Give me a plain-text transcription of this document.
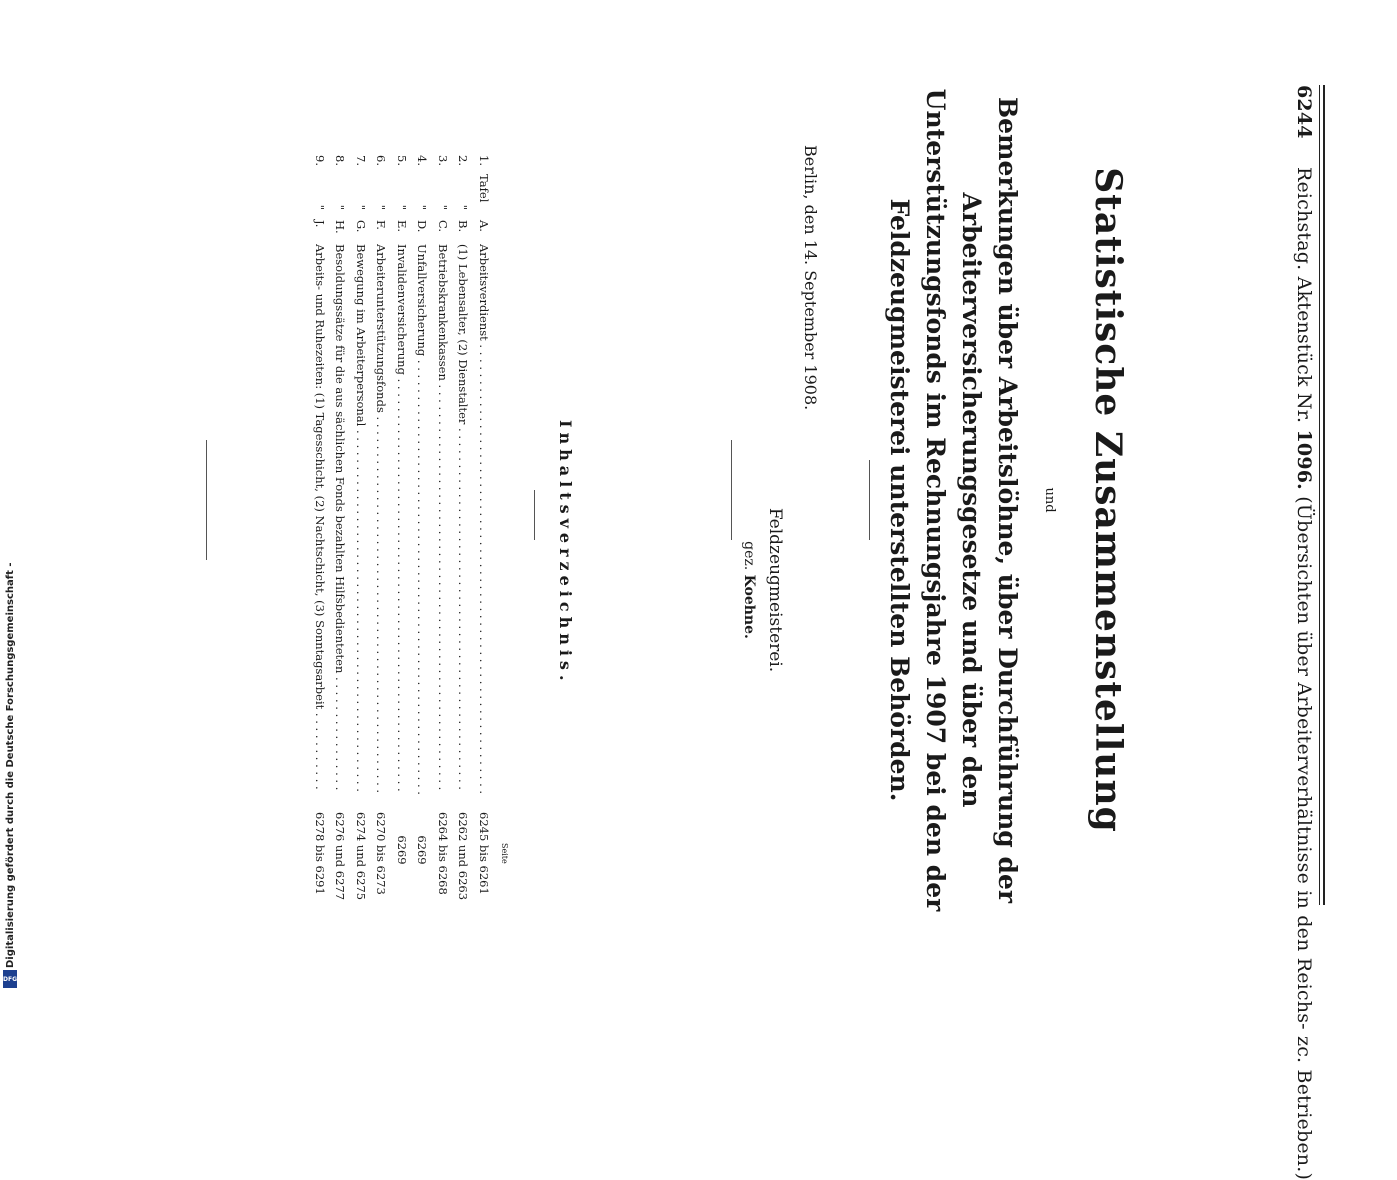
6244 Reichstag. Aktenstück Nr. 1096. (Übersichten über Arbeiterverhältnisse in den Reichs- zc. Betrieben.)
Statistische Zusammenstellung
und
Bemerkungen über Arbeitslöhne, über Durchführung der Arbeiterversicherungsgesetze und über den Unterstützungsfonds im Rechnungsjahre 1907 bei den der Feldzeugmeisterei unterstellten Behörden.
Berlin, den 14. September 1908.
Feldzeugmeisterei.
gez. Koehne.
Inhaltsverzeichnis.
Seite
1.
Tafel
A.
Arbeitsverdienst . . .
6245 bis 6261
2.
"
B.
(1) Lebensalter, (2) Dienstalter . . .
6262 und 6263
3.
"
C.
Betriebskrankenkassen . . .
6264 bis 6268
4.
"
D.
Unfallversicherung . . .
6269
5.
"
E.
Invalidenversicherung . . .
6269
6.
"
F.
Arbeiterunterstützungsfonds . . .
6270 bis 6273
7.
"
G.
Bewegung im Arbeiterpersonal . . .
6274 und 6275
8.
"
H.
Besoldungssätze für die aus sächlichen Fonds bezahlten Hilfsbedienteten . . .
6276 und 6277
9.
"
J.
Arbeits- und Ruhezeiten: (1) Tagesschicht, (2) Nachtschicht, (3) Sonntagsarbeit . . .
6278 bis 6291
Digitalisierung gefördert durch die Deutsche Forschungsgemeinschaft -
DFG
